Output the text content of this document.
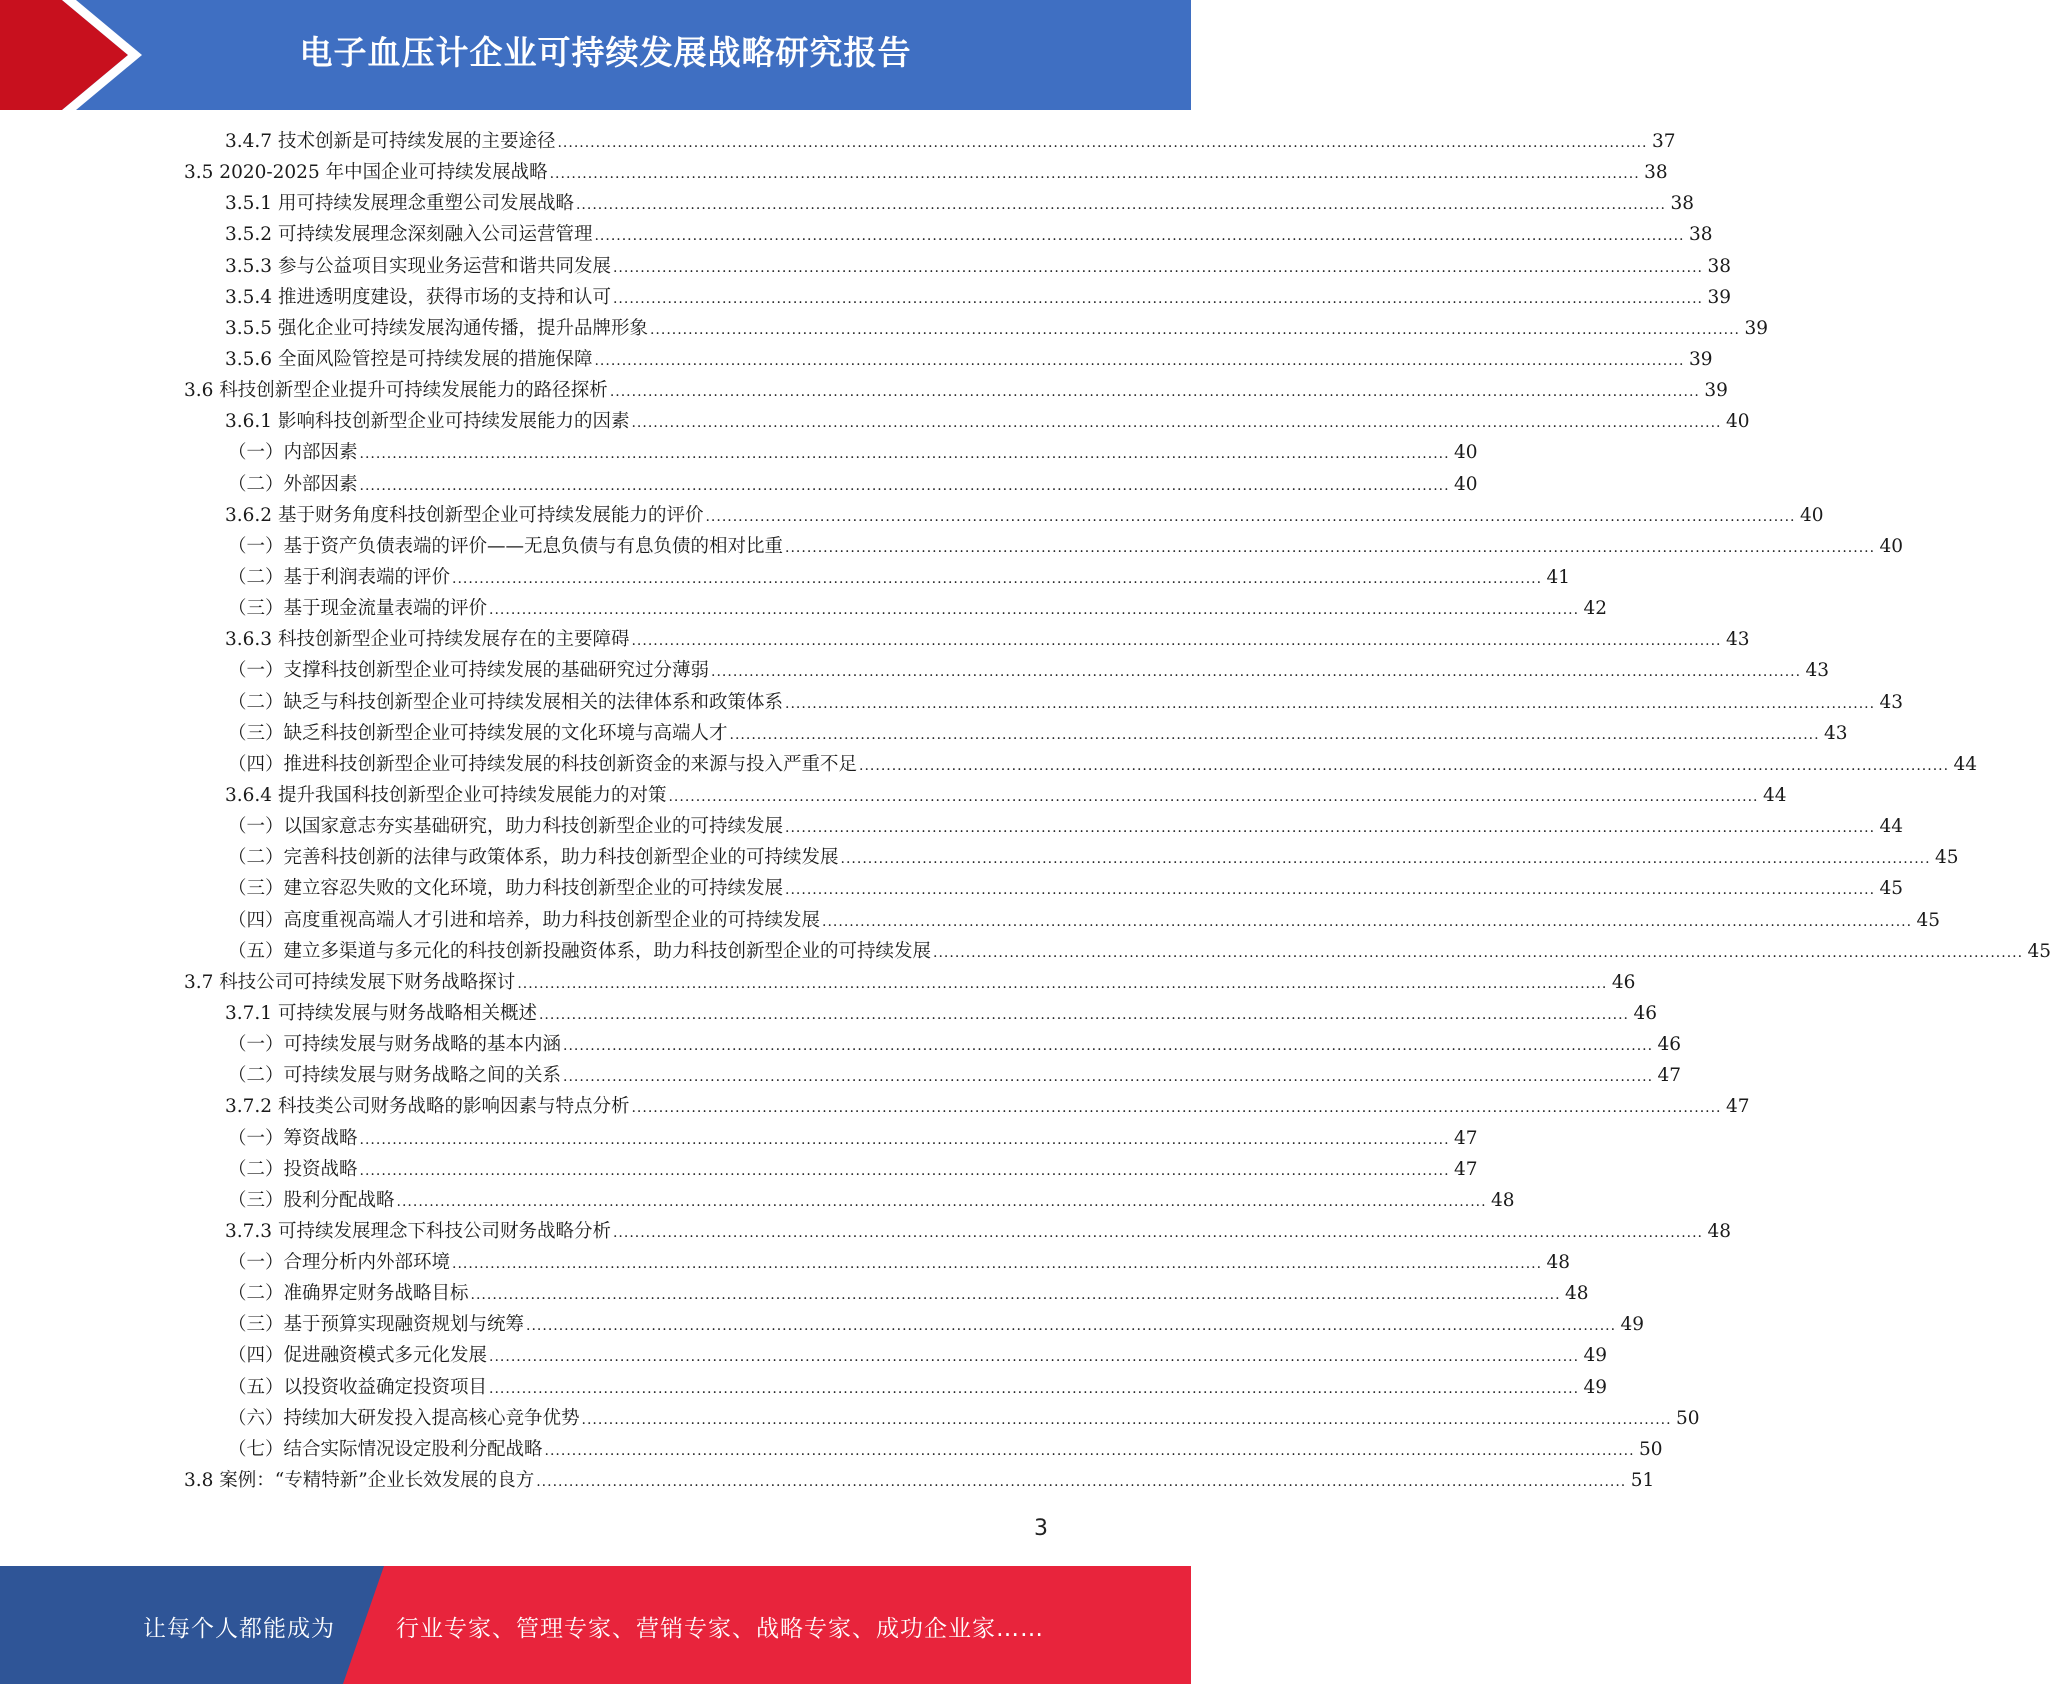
电子血压计企业可持续发展战略研究报告
3.4.7 技术创新是可持续发展的主要途径 ........................................................................................................................................................................................................ 37
3.5 2020-2025 年中国企业可持续发展战略 ........................................................................................................................................................................................................ 38
3.5.1 用可持续发展理念重塑公司发展战略 ........................................................................................................................................................................................................ 38
3.5.2 可持续发展理念深刻融入公司运营管理 ........................................................................................................................................................................................................ 38
3.5.3 参与公益项目实现业务运营和谐共同发展 ........................................................................................................................................................................................................ 38
3.5.4 推进透明度建设，获得市场的支持和认可 ........................................................................................................................................................................................................ 39
3.5.5 强化企业可持续发展沟通传播，提升品牌形象 ........................................................................................................................................................................................................ 39
3.5.6 全面风险管控是可持续发展的措施保障 ........................................................................................................................................................................................................ 39
3.6 科技创新型企业提升可持续发展能力的路径探析 ........................................................................................................................................................................................................ 39
3.6.1 影响科技创新型企业可持续发展能力的因素 ........................................................................................................................................................................................................ 40
（一）内部因素 ........................................................................................................................................................................................................ 40
（二）外部因素 ........................................................................................................................................................................................................ 40
3.6.2 基于财务角度科技创新型企业可持续发展能力的评价 ........................................................................................................................................................................................................ 40
（一）基于资产负债表端的评价——无息负债与有息负债的相对比重 ........................................................................................................................................................................................................ 40
（二）基于利润表端的评价 ........................................................................................................................................................................................................ 41
（三）基于现金流量表端的评价 ........................................................................................................................................................................................................ 42
3.6.3 科技创新型企业可持续发展存在的主要障碍 ........................................................................................................................................................................................................ 43
（一）支撑科技创新型企业可持续发展的基础研究过分薄弱 ........................................................................................................................................................................................................ 43
（二）缺乏与科技创新型企业可持续发展相关的法律体系和政策体系 ........................................................................................................................................................................................................ 43
（三）缺乏科技创新型企业可持续发展的文化环境与高端人才 ........................................................................................................................................................................................................ 43
（四）推进科技创新型企业可持续发展的科技创新资金的来源与投入严重不足 ........................................................................................................................................................................................................ 44
3.6.4 提升我国科技创新型企业可持续发展能力的对策 ........................................................................................................................................................................................................ 44
（一）以国家意志夯实基础研究，助力科技创新型企业的可持续发展 ........................................................................................................................................................................................................ 44
（二）完善科技创新的法律与政策体系，助力科技创新型企业的可持续发展 ........................................................................................................................................................................................................ 45
（三）建立容忍失败的文化环境，助力科技创新型企业的可持续发展 ........................................................................................................................................................................................................ 45
（四）高度重视高端人才引进和培养，助力科技创新型企业的可持续发展 ........................................................................................................................................................................................................ 45
（五）建立多渠道与多元化的科技创新投融资体系，助力科技创新型企业的可持续发展 ........................................................................................................................................................................................................ 45
3.7 科技公司可持续发展下财务战略探讨 ........................................................................................................................................................................................................ 46
3.7.1 可持续发展与财务战略相关概述 ........................................................................................................................................................................................................ 46
（一）可持续发展与财务战略的基本内涵 ........................................................................................................................................................................................................ 46
（二）可持续发展与财务战略之间的关系 ........................................................................................................................................................................................................ 47
3.7.2 科技类公司财务战略的影响因素与特点分析 ........................................................................................................................................................................................................ 47
（一）筹资战略 ........................................................................................................................................................................................................ 47
（二）投资战略 ........................................................................................................................................................................................................ 47
（三）股利分配战略 ........................................................................................................................................................................................................ 48
3.7.3 可持续发展理念下科技公司财务战略分析 ........................................................................................................................................................................................................ 48
（一）合理分析内外部环境 ........................................................................................................................................................................................................ 48
（二）准确界定财务战略目标 ........................................................................................................................................................................................................ 48
（三）基于预算实现融资规划与统筹 ........................................................................................................................................................................................................ 49
（四）促进融资模式多元化发展 ........................................................................................................................................................................................................ 49
（五）以投资收益确定投资项目 ........................................................................................................................................................................................................ 49
（六）持续加大研发投入提高核心竞争优势 ........................................................................................................................................................................................................ 50
（七）结合实际情况设定股利分配战略 ........................................................................................................................................................................................................ 50
3.8 案例：“专精特新”企业长效发展的良方 ........................................................................................................................................................................................................ 51
3
让每个人都能成为	行业专家、管理专家、营销专家、战略专家、成功企业家……
